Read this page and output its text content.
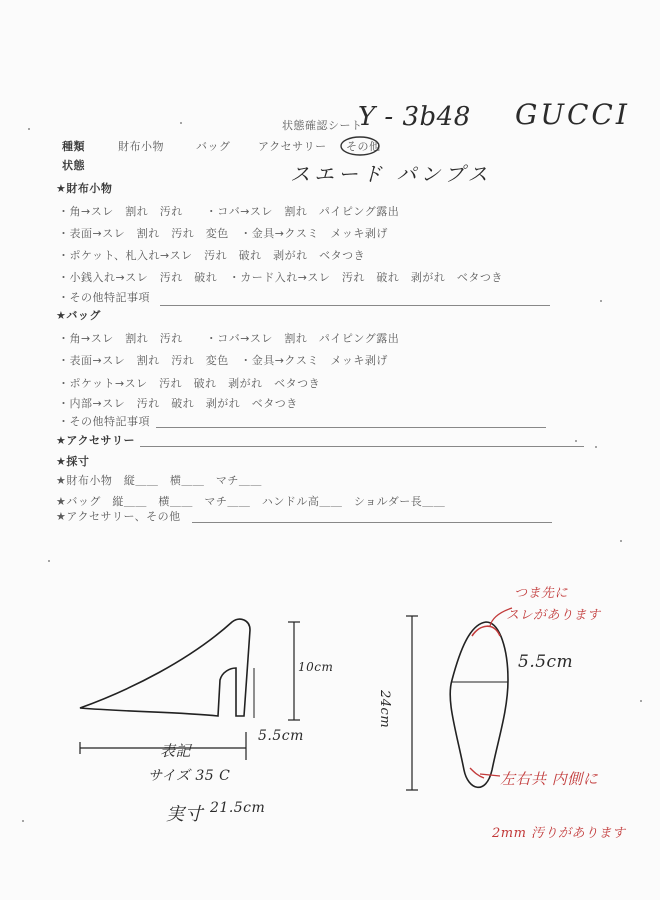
状態確認シート
Y - 3b48 GUCCI
種類	財布小物	バッグ	アクセサリー その他
状態	スエード パンプス
★財布小物
・角→スレ　割れ　汚れ　　・コバ→スレ　割れ　パイピング露出
・表面→スレ　割れ　汚れ　変色　・金具→クスミ　メッキ剥げ
・ポケット、札入れ→スレ　汚れ　破れ　剥がれ　ベタつき
・小銭入れ→スレ　汚れ　破れ　・カード入れ→スレ　汚れ　破れ　剥がれ　ベタつき
・その他特記事項
★バッグ
・角→スレ　割れ　汚れ　　・コバ→スレ　割れ　パイピング露出
・表面→スレ　割れ　汚れ　変色　・金具→クスミ　メッキ剥げ
・ポケット→スレ　汚れ　破れ　剥がれ　ベタつき
・内部→スレ　汚れ　破れ　剥がれ　ベタつき
・その他特記事項
★アクセサリー
★採寸
★財布小物　縦＿＿　横＿＿　マチ＿＿
★バッグ　縦＿＿　横＿＿　マチ＿＿　ハンドル高＿＿　ショルダー長＿＿
★アクセサリー、その他
10cm
5.5cm
表記
サイズ 35 C
実寸 21.5cm
24cm
5.5cm
つま先に
スレがあります
左右共 内側に
2mm 汚りがあります
